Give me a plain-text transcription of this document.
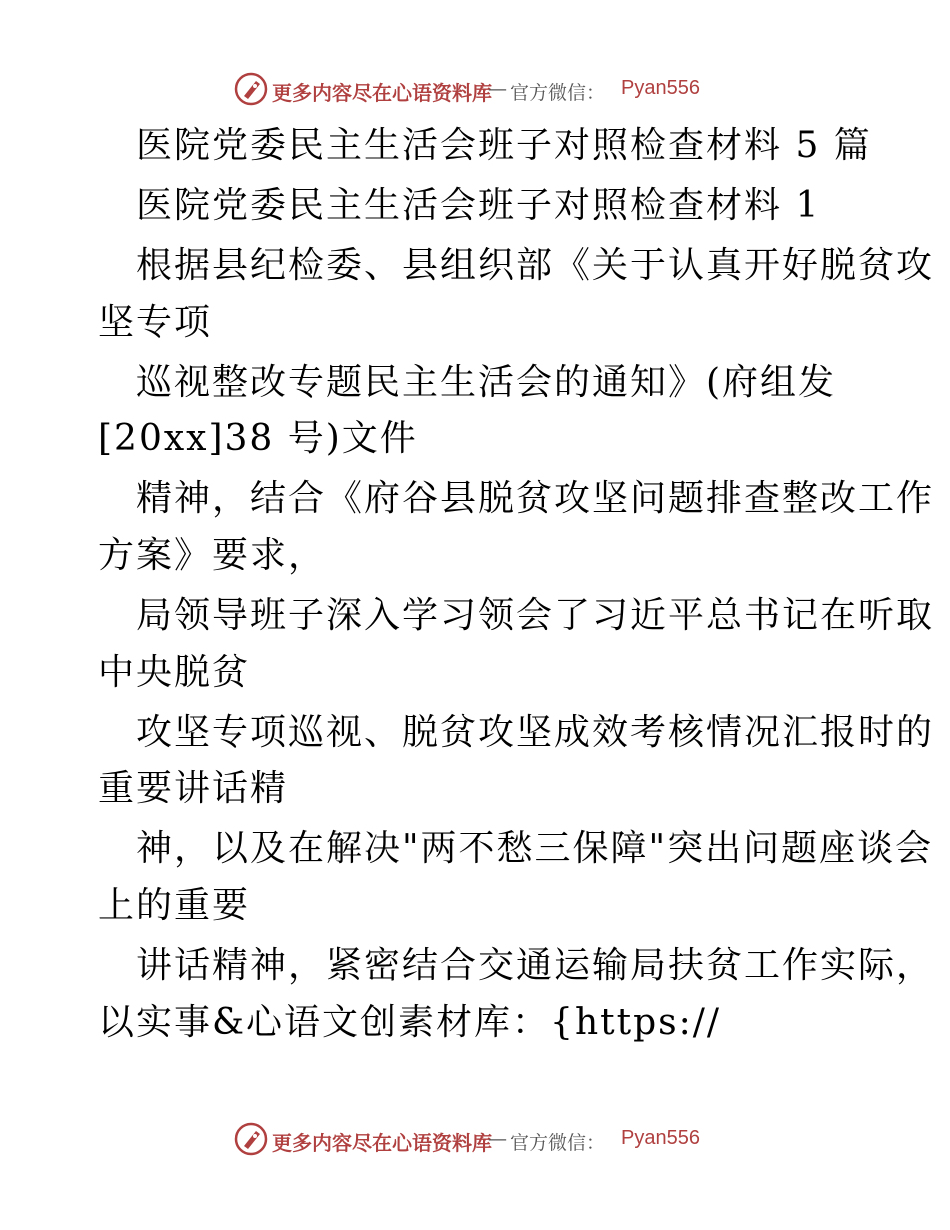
更多内容尽在心语资料库
— 官方微信： Pyan556
医院党委民主生活会班子对照检查材料 5 篇
医院党委民主生活会班子对照检查材料 1
根据县纪检委、县组织部《关于认真开好脱贫攻
坚专项
巡视整改专题民主生活会的通知》(府组发
[20xx]38 号)文件
精神，结合《府谷县脱贫攻坚问题排查整改工作
方案》要求，
局领导班子深入学习领会了习近平总书记在听取
中央脱贫
攻坚专项巡视、脱贫攻坚成效考核情况汇报时的
重要讲话精
神，以及在解决"两不愁三保障"突出问题座谈会
上的重要
讲话精神，紧密结合交通运输局扶贫工作实际，
以实事&心语文创素材库：{https://
更多内容尽在心语资料库
— 官方微信： Pyan556
